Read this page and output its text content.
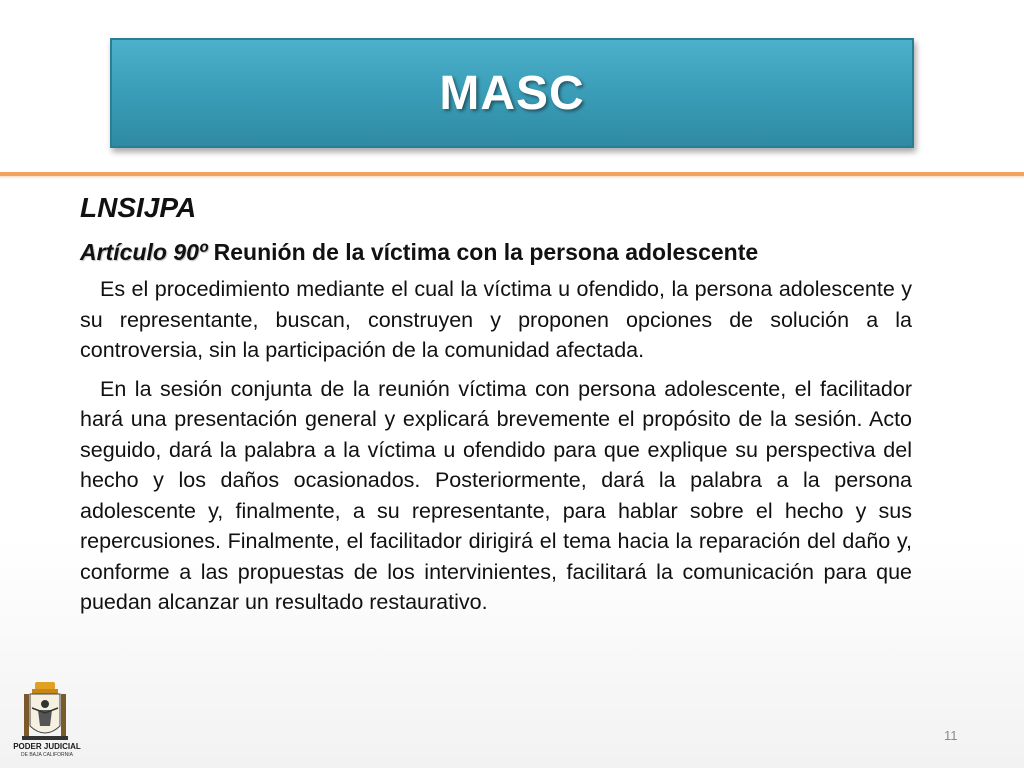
MASC
LNSIJPA
Artículo 90º Reunión de la víctima con la persona adolescente

Es el procedimiento mediante el cual la víctima u ofendido, la persona adolescente y su representante, buscan, construyen y proponen opciones de solución a la controversia, sin la participación de la comunidad afectada.

En la sesión conjunta de la reunión víctima con persona adolescente, el facilitador hará una presentación general y explicará brevemente el propósito de la sesión. Acto seguido, dará la palabra a la víctima u ofendido para que explique su perspectiva del hecho y los daños ocasionados. Posteriormente, dará la palabra a la persona adolescente y, finalmente, a su representante, para hablar sobre el hecho y sus repercusiones. Finalmente, el facilitador dirigirá el tema hacia la reparación del daño y, conforme a las propuestas de los intervinientes, facilitará la comunicación para que puedan alcanzar un resultado restaurativo.

PODER JUDICIAL
DE BAJA CALIFORNIA
11
